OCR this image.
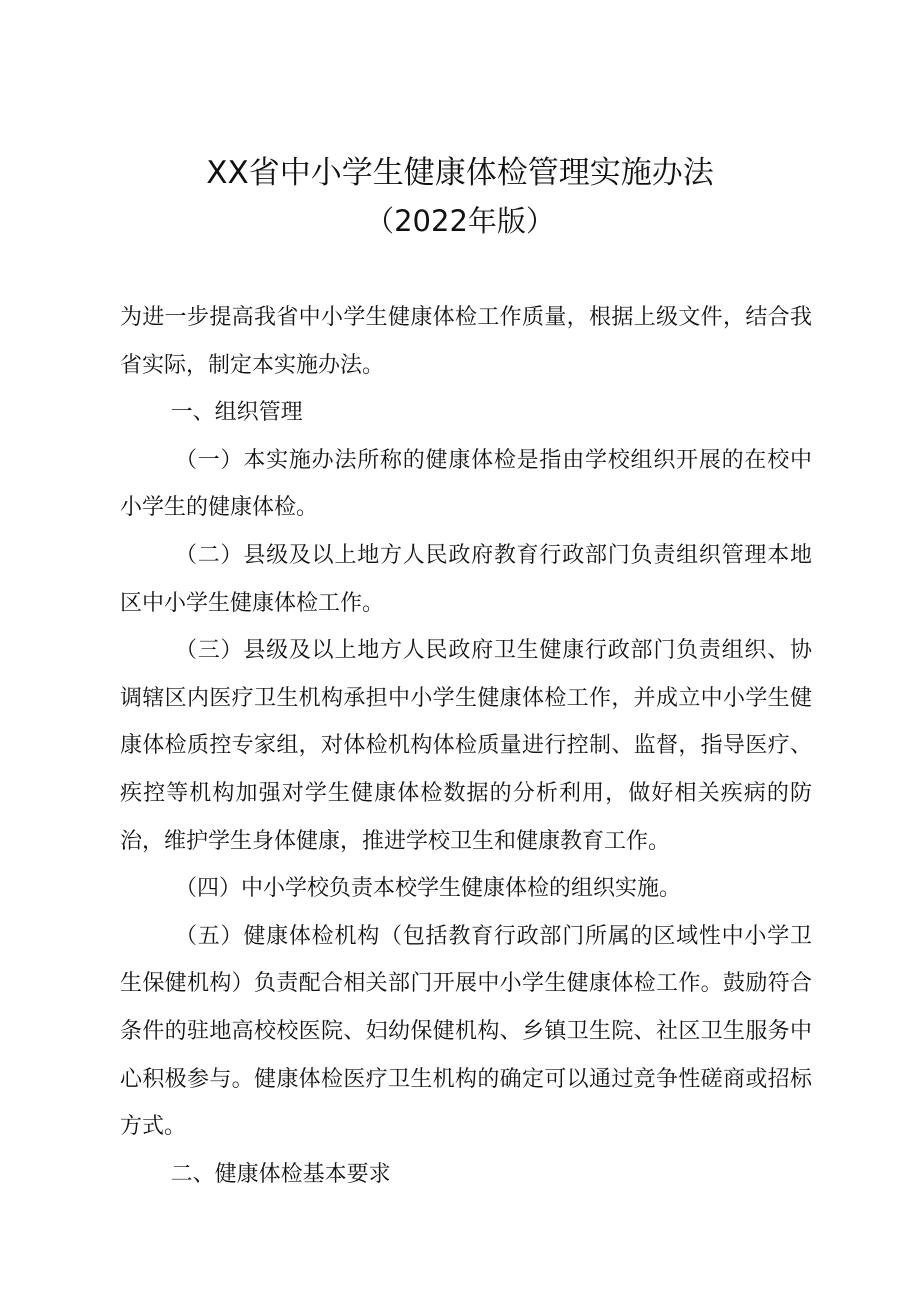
XX省中小学生健康体检管理实施办法
（2022年版）

为进一步提高我省中小学生健康体检工作质量，根据上级文件，结合我省实际，制定本实施办法。

一、组织管理

（一）本实施办法所称的健康体检是指由学校组织开展的在校中小学生的健康体检。

（二）县级及以上地方人民政府教育行政部门负责组织管理本地区中小学生健康体检工作。

（三）县级及以上地方人民政府卫生健康行政部门负责组织、协调辖区内医疗卫生机构承担中小学生健康体检工作，并成立中小学生健康体检质控专家组，对体检机构体检质量进行控制、监督，指导医疗、疾控等机构加强对学生健康体检数据的分析利用，做好相关疾病的防治，维护学生身体健康，推进学校卫生和健康教育工作。

（四）中小学校负责本校学生健康体检的组织实施。

（五）健康体检机构（包括教育行政部门所属的区域性中小学卫生保健机构）负责配合相关部门开展中小学生健康体检工作。鼓励符合条件的驻地高校校医院、妇幼保健机构、乡镇卫生院、社区卫生服务中心积极参与。健康体检医疗卫生机构的确定可以通过竞争性磋商或招标方式。

二、健康体检基本要求
